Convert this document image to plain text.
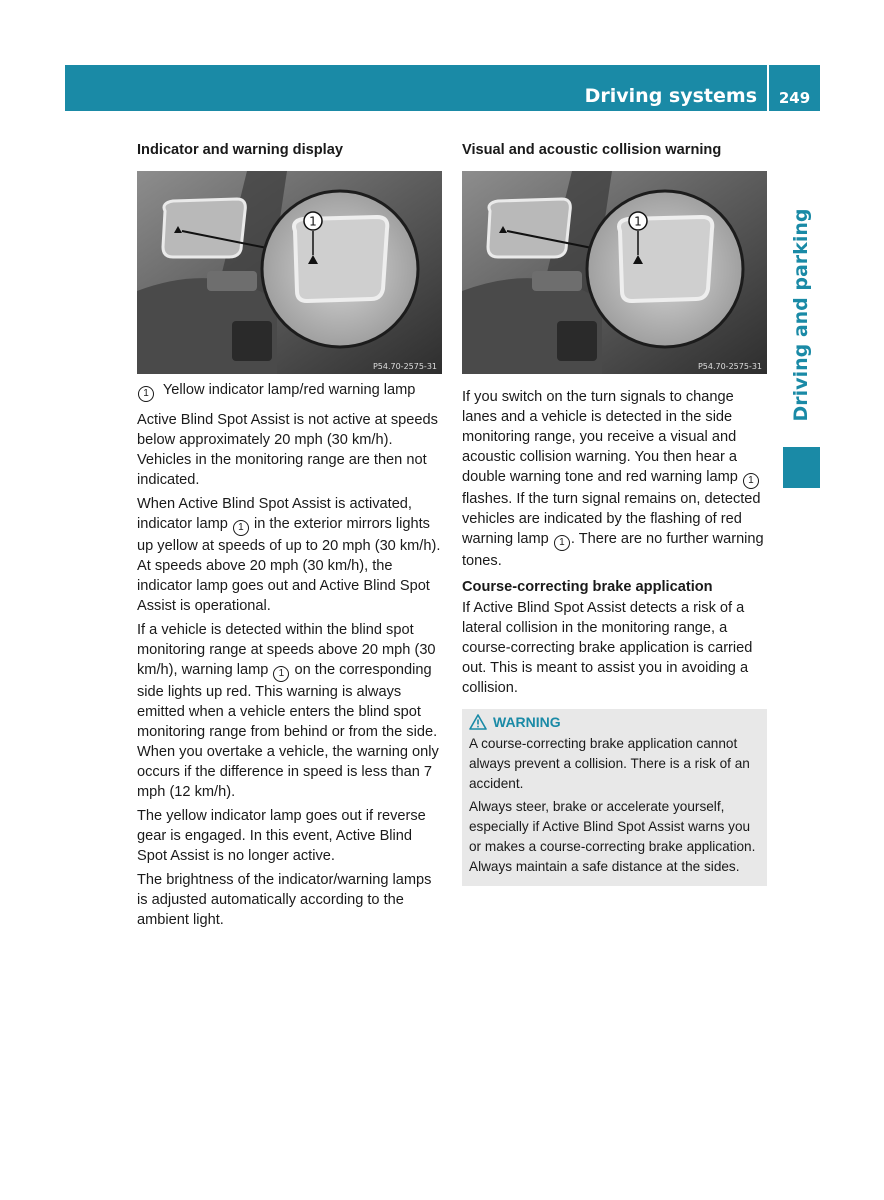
Driving systems	249
Driving and parking
Indicator and warning display
1
P54.70-2575-31

1 Yellow indicator lamp/red warning lamp

Active Blind Spot Assist is not active at speeds below approximately 20 mph (30 km/h). Vehicles in the monitoring range are then not indicated.

When Active Blind Spot Assist is activated, indicator lamp 1 in the exterior mirrors lights up yellow at speeds of up to 20 mph (30 km/h). At speeds above 20 mph (30 km/h), the indicator lamp goes out and Active Blind Spot Assist is operational.

If a vehicle is detected within the blind spot monitoring range at speeds above 20 mph (30 km/h), warning lamp 1 on the corresponding side lights up red. This warning is always emitted when a vehicle enters the blind spot monitoring range from behind or from the side. When you overtake a vehicle, the warning only occurs if the difference in speed is less than 7 mph (12 km/h).

The yellow indicator lamp goes out if reverse gear is engaged. In this event, Active Blind Spot Assist is no longer active.

The brightness of the indicator/warning lamps is adjusted automatically according to the ambient light.

Visual and acoustic collision warning
1
P54.70-2575-31

If you switch on the turn signals to change lanes and a vehicle is detected in the side monitoring range, you receive a visual and acoustic collision warning. You then hear a double warning tone and red warning lamp 1 flashes. If the turn signal remains on, detected vehicles are indicated by the flashing of red warning lamp 1 . There are no further warning tones.

Course-correcting brake application

If Active Blind Spot Assist detects a risk of a lateral collision in the monitoring range, a course-correcting brake application is carried out. This is meant to assist you in avoiding a collision.

WARNING

A course-correcting brake application cannot always prevent a collision. There is a risk of an accident.

Always steer, brake or accelerate yourself, especially if Active Blind Spot Assist warns you or makes a course-correcting brake application. Always maintain a safe distance at the sides.
